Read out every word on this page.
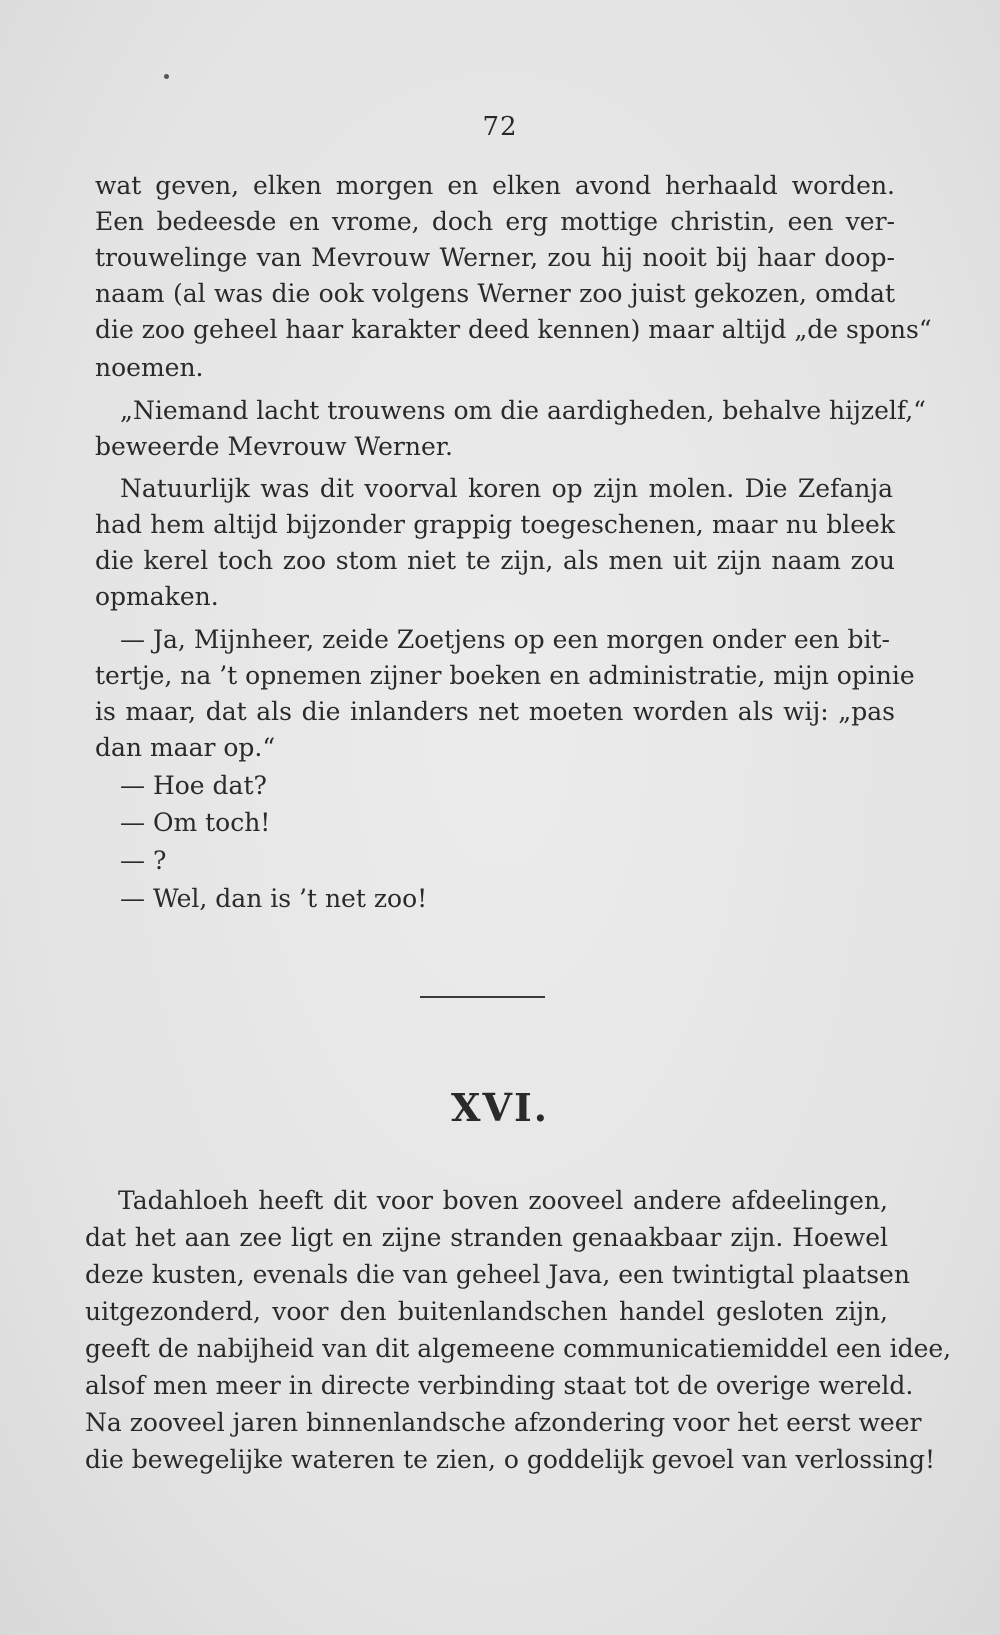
72
wat geven, elken morgen en elken avond herhaald worden.
Een bedeesde en vrome, doch erg mottige christin, een ver-
trouwelinge van Mevrouw Werner, zou hij nooit bij haar doop-
naam (al was die ook volgens Werner zoo juist gekozen, omdat
die zoo geheel haar karakter deed kennen) maar altijd „de spons“
noemen.
„Niemand lacht trouwens om die aardigheden, behalve hijzelf,“
beweerde Mevrouw Werner.
Natuurlijk was dit voorval koren op zijn molen. Die Zefanja
had hem altijd bijzonder grappig toegeschenen, maar nu bleek
die kerel toch zoo stom niet te zijn, als men uit zijn naam zou
opmaken.
— Ja, Mijnheer, zeide Zoetjens op een morgen onder een bit-
tertje, na ’t opnemen zijner boeken en administratie, mijn opinie
is maar, dat als die inlanders net moeten worden als wij: „pas
dan maar op.“
— Hoe dat?
— Om toch!
— ?
— Wel, dan is ’t net zoo!
XVI.
Tadahloeh heeft dit voor boven zooveel andere afdeelingen,
dat het aan zee ligt en zijne stranden genaakbaar zijn. Hoewel
deze kusten, evenals die van geheel Java, een twintigtal plaatsen
uitgezonderd, voor den buitenlandschen handel gesloten zijn,
geeft de nabijheid van dit algemeene communicatiemiddel een idee,
alsof men meer in directe verbinding staat tot de overige wereld.
Na zooveel jaren binnenlandsche afzondering voor het eerst weer
die bewegelijke wateren te zien, o goddelijk gevoel van verlossing!
